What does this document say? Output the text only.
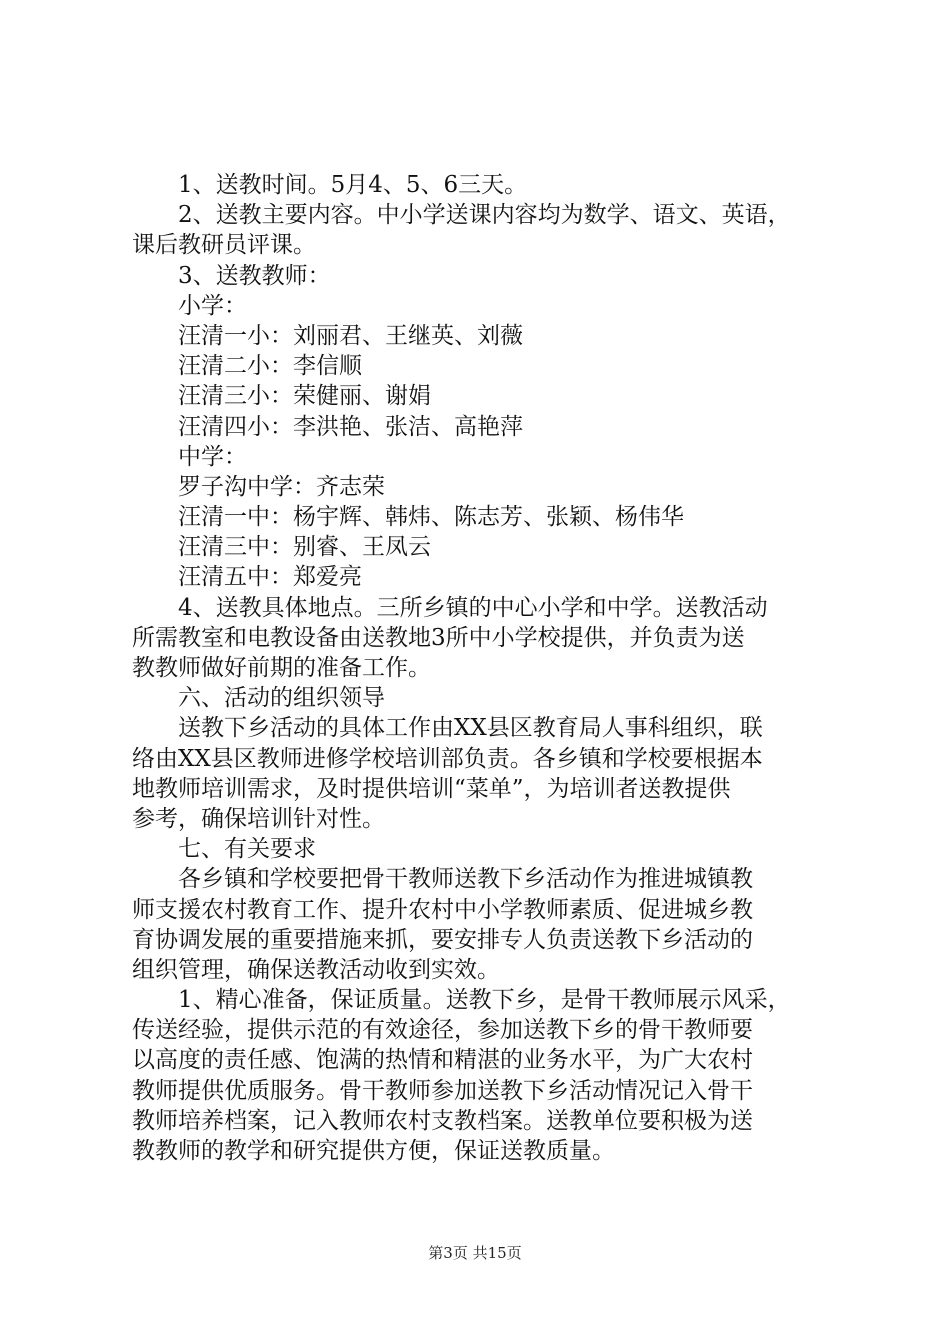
1、送教时间。5月4、5、6三天。
2、送教主要内容。中小学送课内容均为数学、语文、英语，
课后教研员评课。
3、送教教师：
小学：
汪清一小：刘丽君、王继英、刘薇
汪清二小：李信顺
汪清三小：荣健丽、谢娟
汪清四小：李洪艳、张洁、高艳萍
中学：
罗子沟中学：齐志荣
汪清一中：杨宇辉、韩炜、陈志芳、张颖、杨伟华
汪清三中：别睿、王凤云
汪清五中：郑爱亮
4、送教具体地点。三所乡镇的中心小学和中学。送教活动
所需教室和电教设备由送教地3所中小学校提供，并负责为送
教教师做好前期的准备工作。
六、活动的组织领导
送教下乡活动的具体工作由XX县区教育局人事科组织，联
络由XX县区教师进修学校培训部负责。各乡镇和学校要根据本
地教师培训需求，及时提供培训“菜单”，为培训者送教提供
参考，确保培训针对性。
七、有关要求
各乡镇和学校要把骨干教师送教下乡活动作为推进城镇教
师支援农村教育工作、提升农村中小学教师素质、促进城乡教
育协调发展的重要措施来抓，要安排专人负责送教下乡活动的
组织管理，确保送教活动收到实效。
1、精心准备，保证质量。送教下乡，是骨干教师展示风采，
传送经验，提供示范的有效途径，参加送教下乡的骨干教师要
以高度的责任感、饱满的热情和精湛的业务水平，为广大农村
教师提供优质服务。骨干教师参加送教下乡活动情况记入骨干
教师培养档案，记入教师农村支教档案。送教单位要积极为送
教教师的教学和研究提供方便，保证送教质量。
第3页 共15页
